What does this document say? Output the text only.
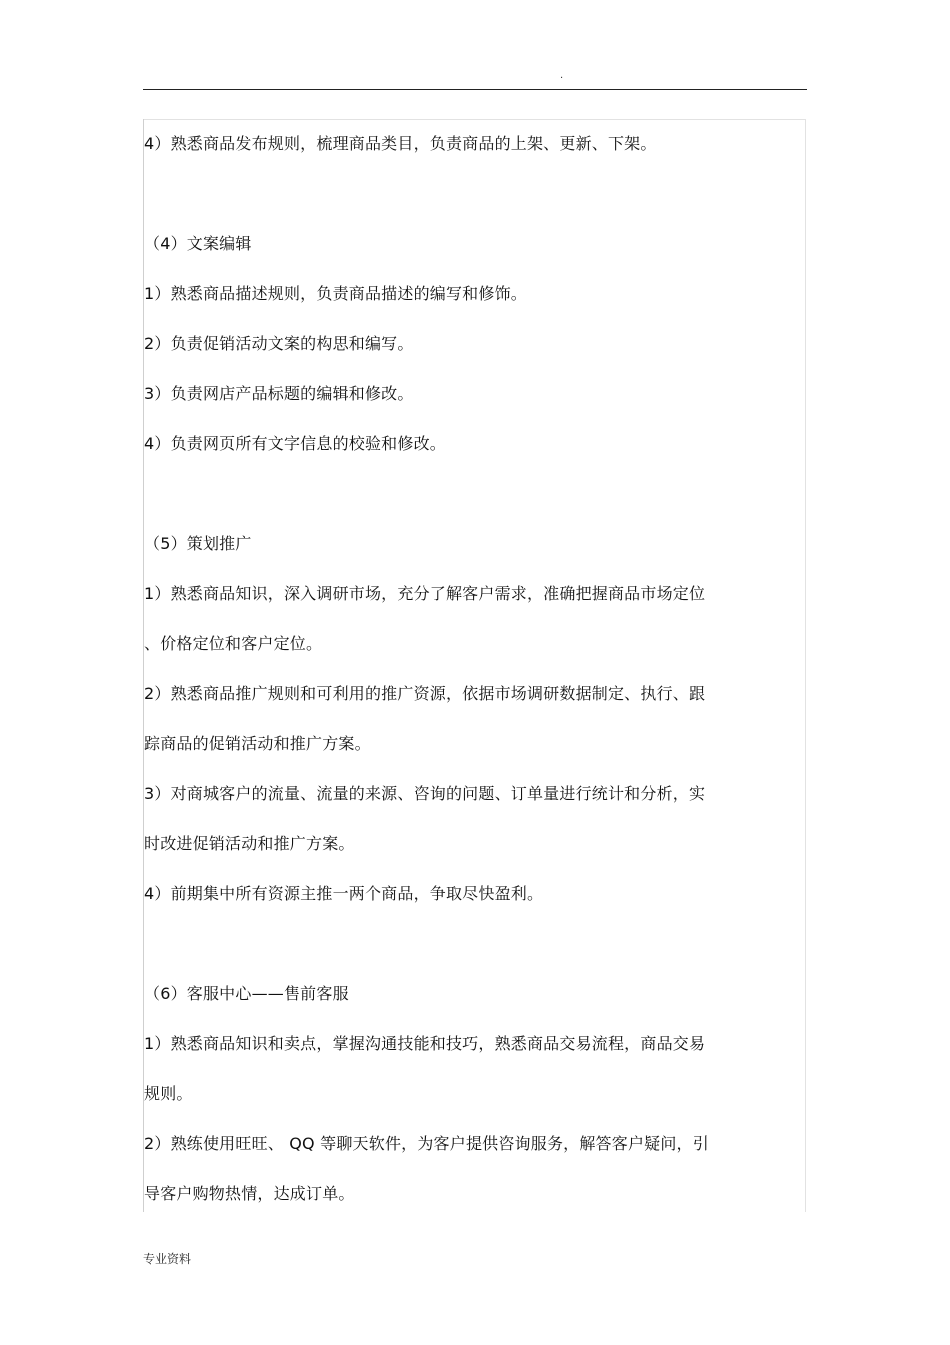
.
4）熟悉商品发布规则，梳理商品类目，负责商品的上架、更新、下架。
（4）文案编辑
1）熟悉商品描述规则，负责商品描述的编写和修饰。
2）负责促销活动文案的构思和编写。
3）负责网店产品标题的编辑和修改。
4）负责网页所有文字信息的校验和修改。
（5）策划推广
1）熟悉商品知识，深入调研市场，充分了解客户需求，准确把握商品市场定位
、价格定位和客户定位。
2）熟悉商品推广规则和可利用的推广资源，依据市场调研数据制定、执行、跟
踪商品的促销活动和推广方案。
3）对商城客户的流量、流量的来源、咨询的问题、订单量进行统计和分析，实
时改进促销活动和推广方案。
4）前期集中所有资源主推一两个商品，争取尽快盈利。
（6）客服中心——售前客服
1）熟悉商品知识和卖点，掌握沟通技能和技巧，熟悉商品交易流程，商品交易
规则。
2）熟练使用旺旺、 QQ 等聊天软件，为客户提供咨询服务，解答客户疑问，引
导客户购物热情，达成订单。
专业资料
